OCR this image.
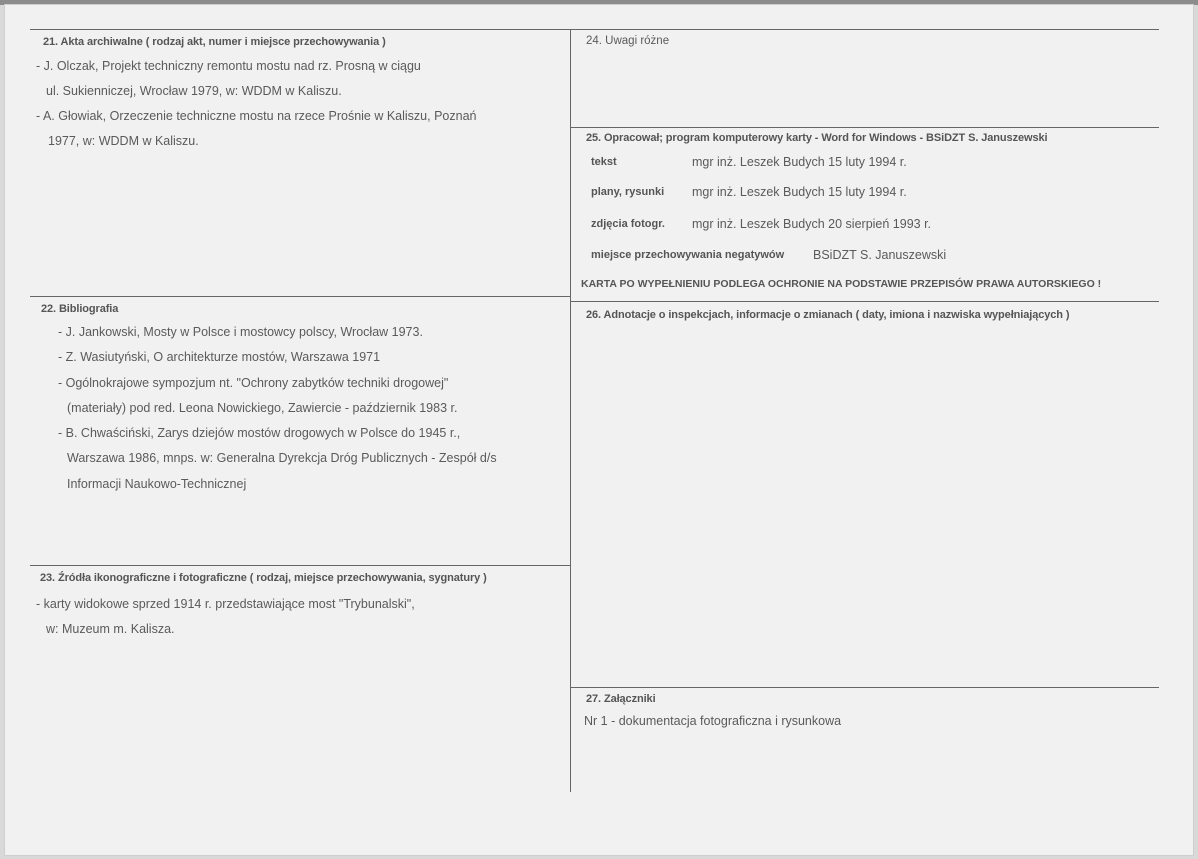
21. Akta archiwalne ( rodzaj akt, numer i miejsce przechowywania )
- J. Olczak, Projekt techniczny remontu mostu nad rz. Prosną w ciągu
ul. Sukienniczej, Wrocław 1979, w: WDDM w Kaliszu.
- A. Głowiak, Orzeczenie techniczne mostu na rzece Prośnie w Kaliszu, Poznań
1977, w: WDDM w Kaliszu.
22. Bibliografia
- J. Jankowski, Mosty w Polsce i mostowcy polscy, Wrocław 1973.
- Z. Wasiutyński, O architekturze mostów, Warszawa 1971
- Ogólnokrajowe sympozjum nt. "Ochrony zabytków techniki drogowej"
(materiały) pod red. Leona Nowickiego, Zawiercie - październik 1983 r.
- B. Chwaściński, Zarys dziejów mostów drogowych w Polsce do 1945 r.,
Warszawa 1986, mnps. w: Generalna Dyrekcja Dróg Publicznych - Zespół d/s
Informacji Naukowo-Technicznej
23. Źródła ikonograficzne i fotograficzne ( rodzaj, miejsce przechowywania, sygnatury )
- karty widokowe sprzed 1914 r. przedstawiające most "Trybunalski",
w: Muzeum m. Kalisza.
24. Uwagi różne
25. Opracował; program komputerowy karty - Word for Windows - BSiDZT S. Januszewski
tekst	mgr inż. Leszek Budych 15 luty 1994 r.
plany, rysunki mgr inż. Leszek Budych 15 luty 1994 r.
zdjęcia fotogr. mgr inż. Leszek Budych 20 sierpień 1993 r.
miejsce przechowywania negatywów BSiDZT S. Januszewski
KARTA PO WYPEŁNIENIU PODLEGA OCHRONIE NA PODSTAWIE PRZEPISÓW PRAWA AUTORSKIEGO !
26. Adnotacje o inspekcjach, informacje o zmianach ( daty, imiona i nazwiska wypełniających )
27. Załączniki
Nr 1 - dokumentacja fotograficzna i rysunkowa
